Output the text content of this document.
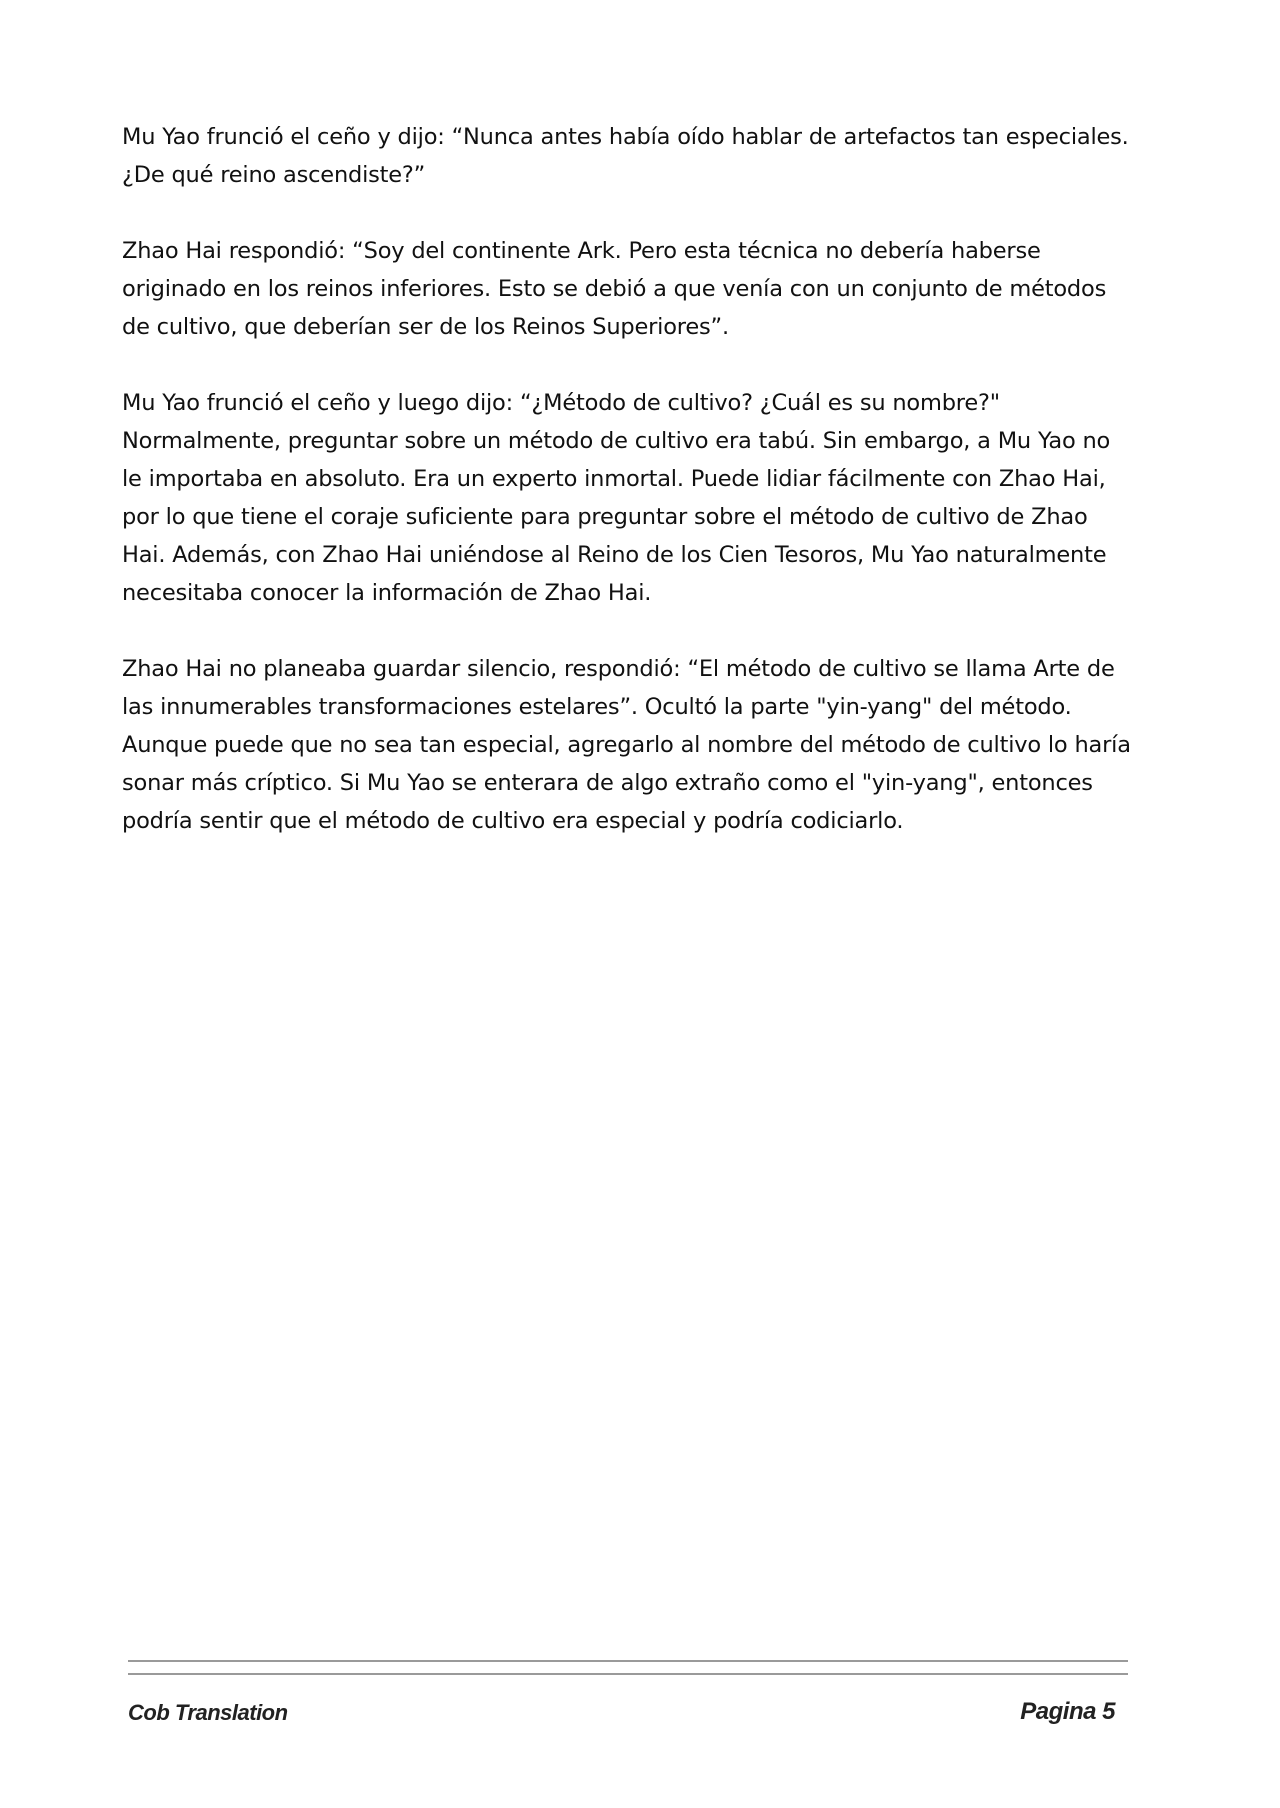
Mu Yao frunció el ceño y dijo: “Nunca antes había oído hablar de artefactos tan especiales. ¿De qué reino ascendiste?”

Zhao Hai respondió: “Soy del continente Ark. Pero esta técnica no debería haberse originado en los reinos inferiores. Esto se debió a que venía con un conjunto de métodos de cultivo, que deberían ser de los Reinos Superiores”.

Mu Yao frunció el ceño y luego dijo: “¿Método de cultivo? ¿Cuál es su nombre?" Normalmente, preguntar sobre un método de cultivo era tabú. Sin embargo, a Mu Yao no le importaba en absoluto. Era un experto inmortal. Puede lidiar fácilmente con Zhao Hai, por lo que tiene el coraje suficiente para preguntar sobre el método de cultivo de Zhao Hai. Además, con Zhao Hai uniéndose al Reino de los Cien Tesoros, Mu Yao naturalmente necesitaba conocer la información de Zhao Hai.

Zhao Hai no planeaba guardar silencio, respondió: “El método de cultivo se llama Arte de las innumerables transformaciones estelares”. Ocultó la parte "yin-yang" del método. Aunque puede que no sea tan especial, agregarlo al nombre del método de cultivo lo haría sonar más críptico. Si Mu Yao se enterara de algo extraño como el "yin-yang", entonces podría sentir que el método de cultivo era especial y podría codiciarlo.

Cob Translation	Pagina 5
